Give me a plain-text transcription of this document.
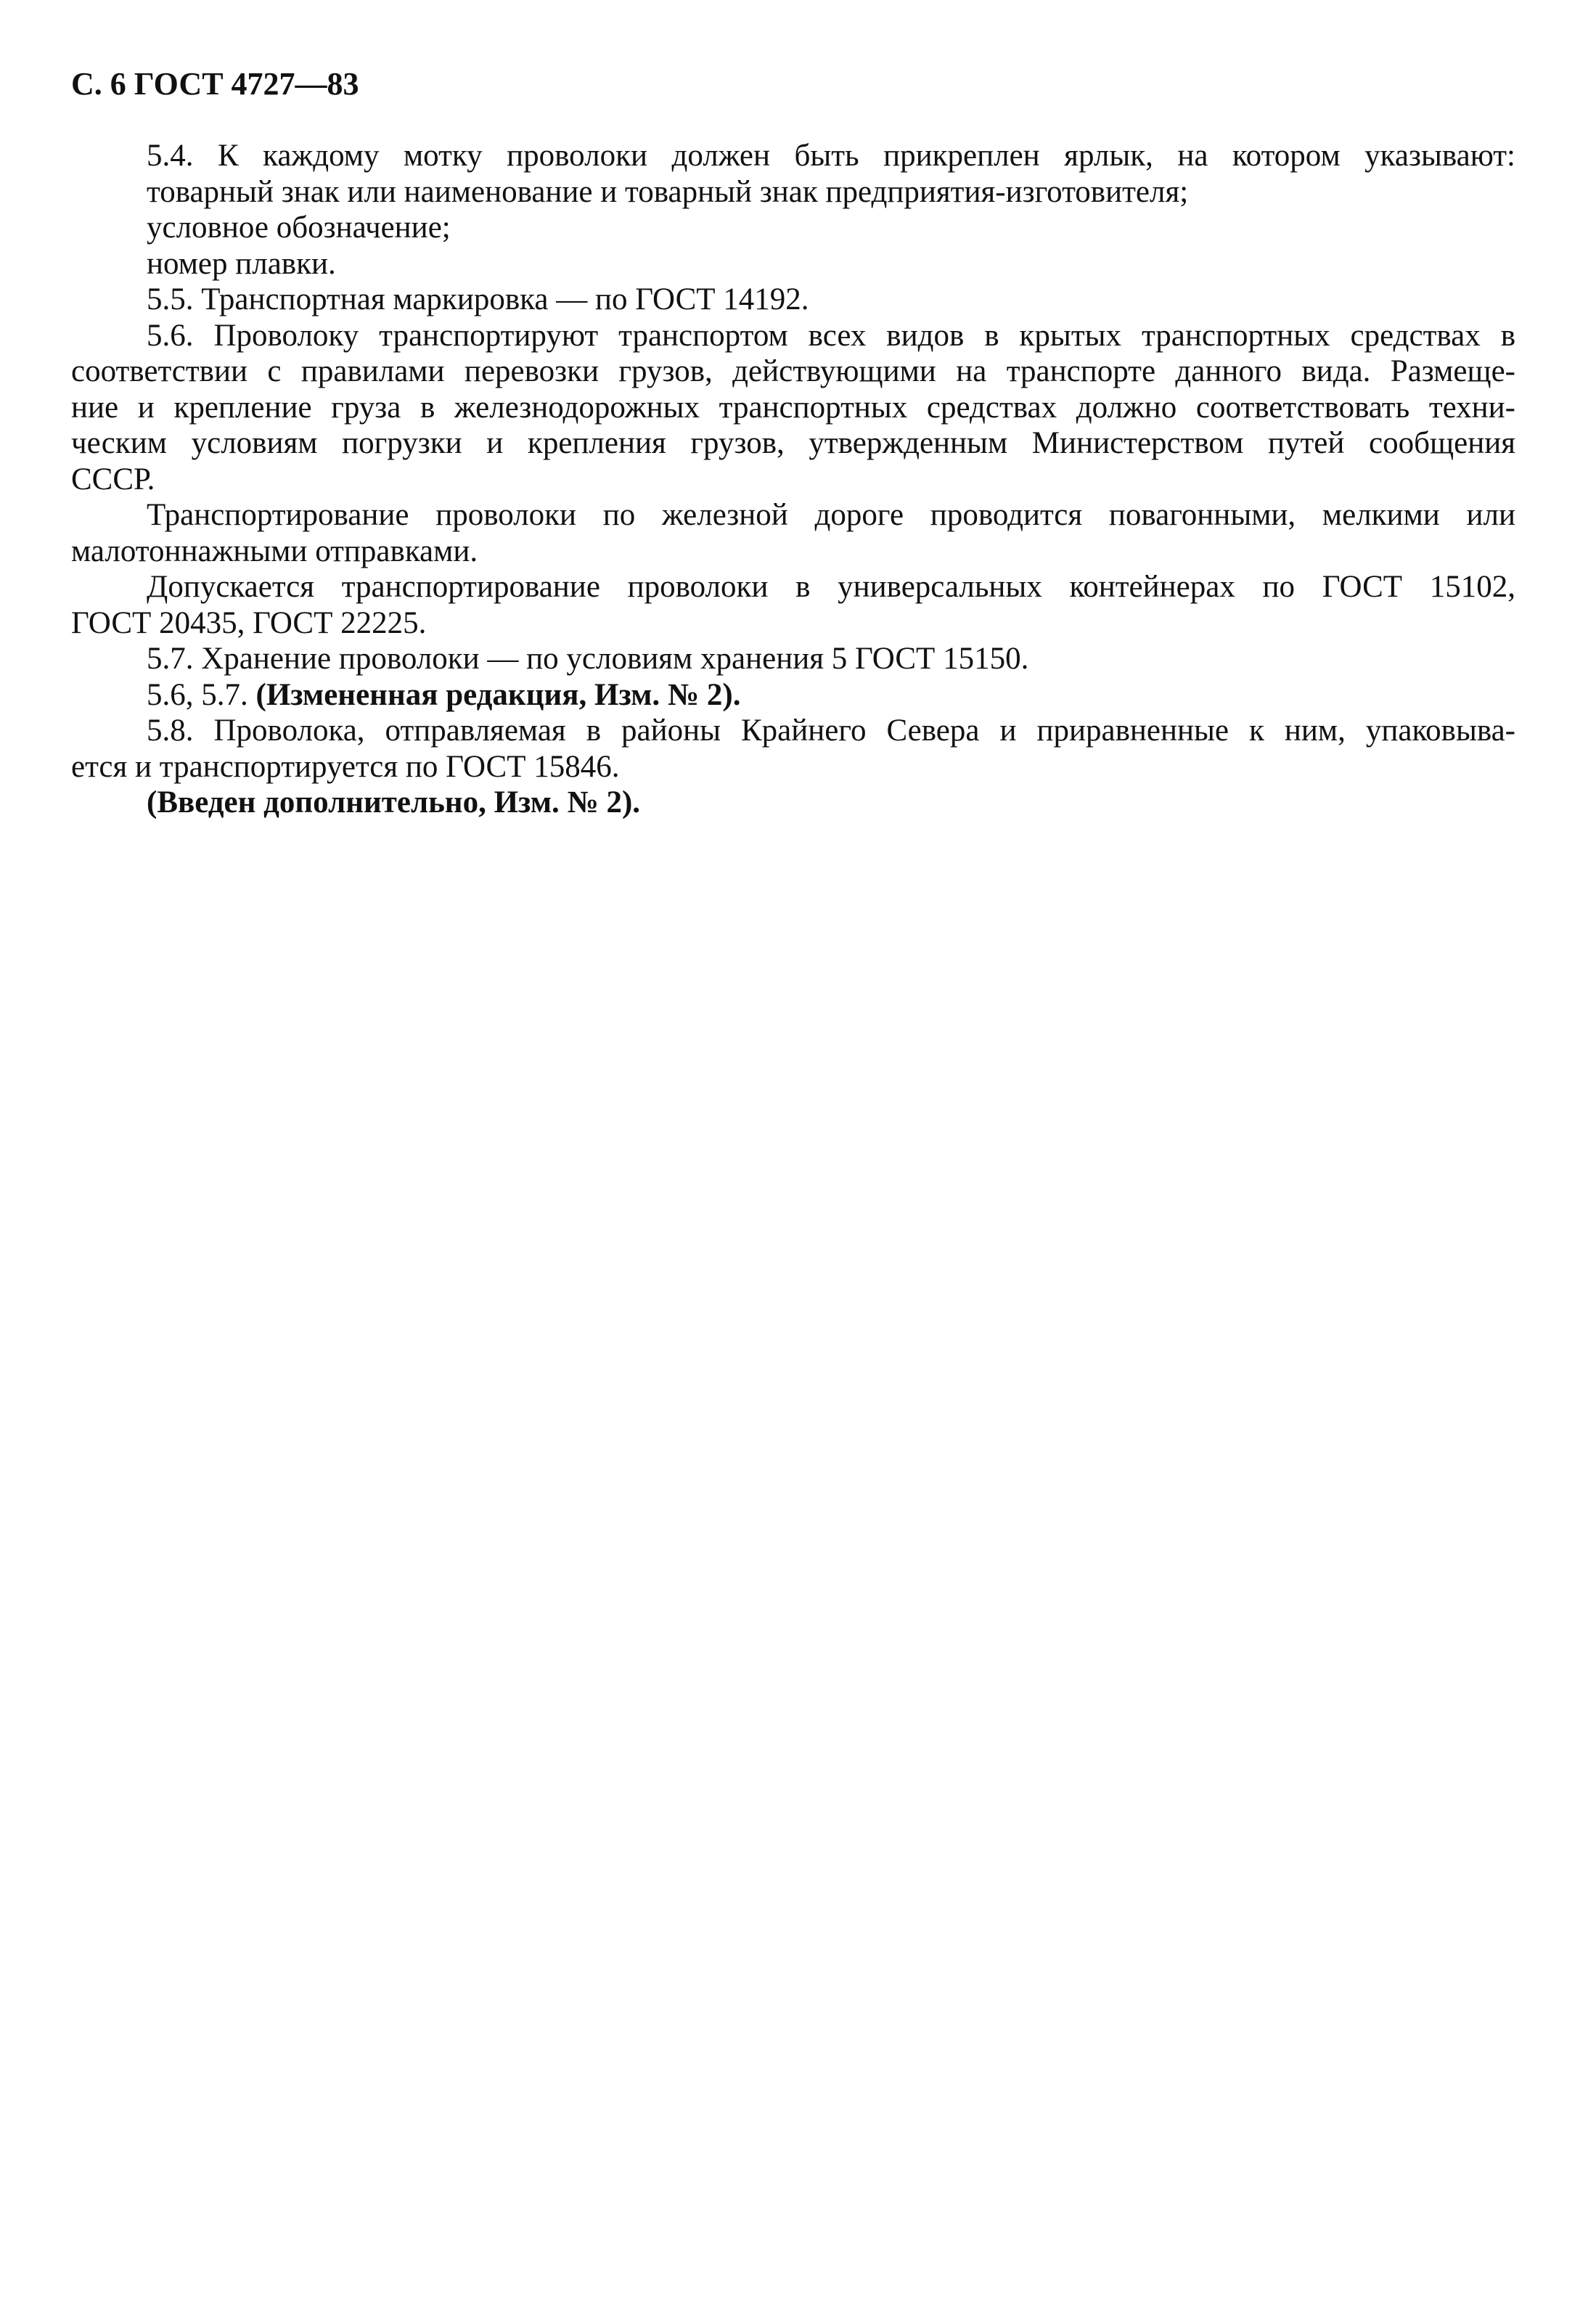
С. 6 ГОСТ 4727—83
5.4. К каждому мотку проволоки должен быть прикреплен ярлык, на котором указывают:
товарный знак или наименование и товарный знак предприятия-изготовителя;
условное обозначение;
номер плавки.
5.5. Транспортная маркировка — по ГОСТ 14192.
5.6. Проволоку транспортируют транспортом всех видов в крытых транспортных средствах в
соответствии с правилами перевозки грузов, действующими на транспорте данного вида. Размеще-
ние и крепление груза в железнодорожных транспортных средствах должно соответствовать техни-
ческим условиям погрузки и крепления грузов, утвержденным Министерством путей сообщения
СССР.
Транспортирование проволоки по железной дороге проводится повагонными, мелкими или
малотоннажными отправками.
Допускается транспортирование проволоки в универсальных контейнерах по ГОСТ 15102,
ГОСТ 20435, ГОСТ 22225.
5.7. Хранение проволоки — по условиям хранения 5 ГОСТ 15150.
5.6, 5.7. (Измененная редакция, Изм. № 2).
5.8. Проволока, отправляемая в районы Крайнего Севера и приравненные к ним, упаковыва-
ется и транспортируется по ГОСТ 15846.
(Введен дополнительно, Изм. № 2).
